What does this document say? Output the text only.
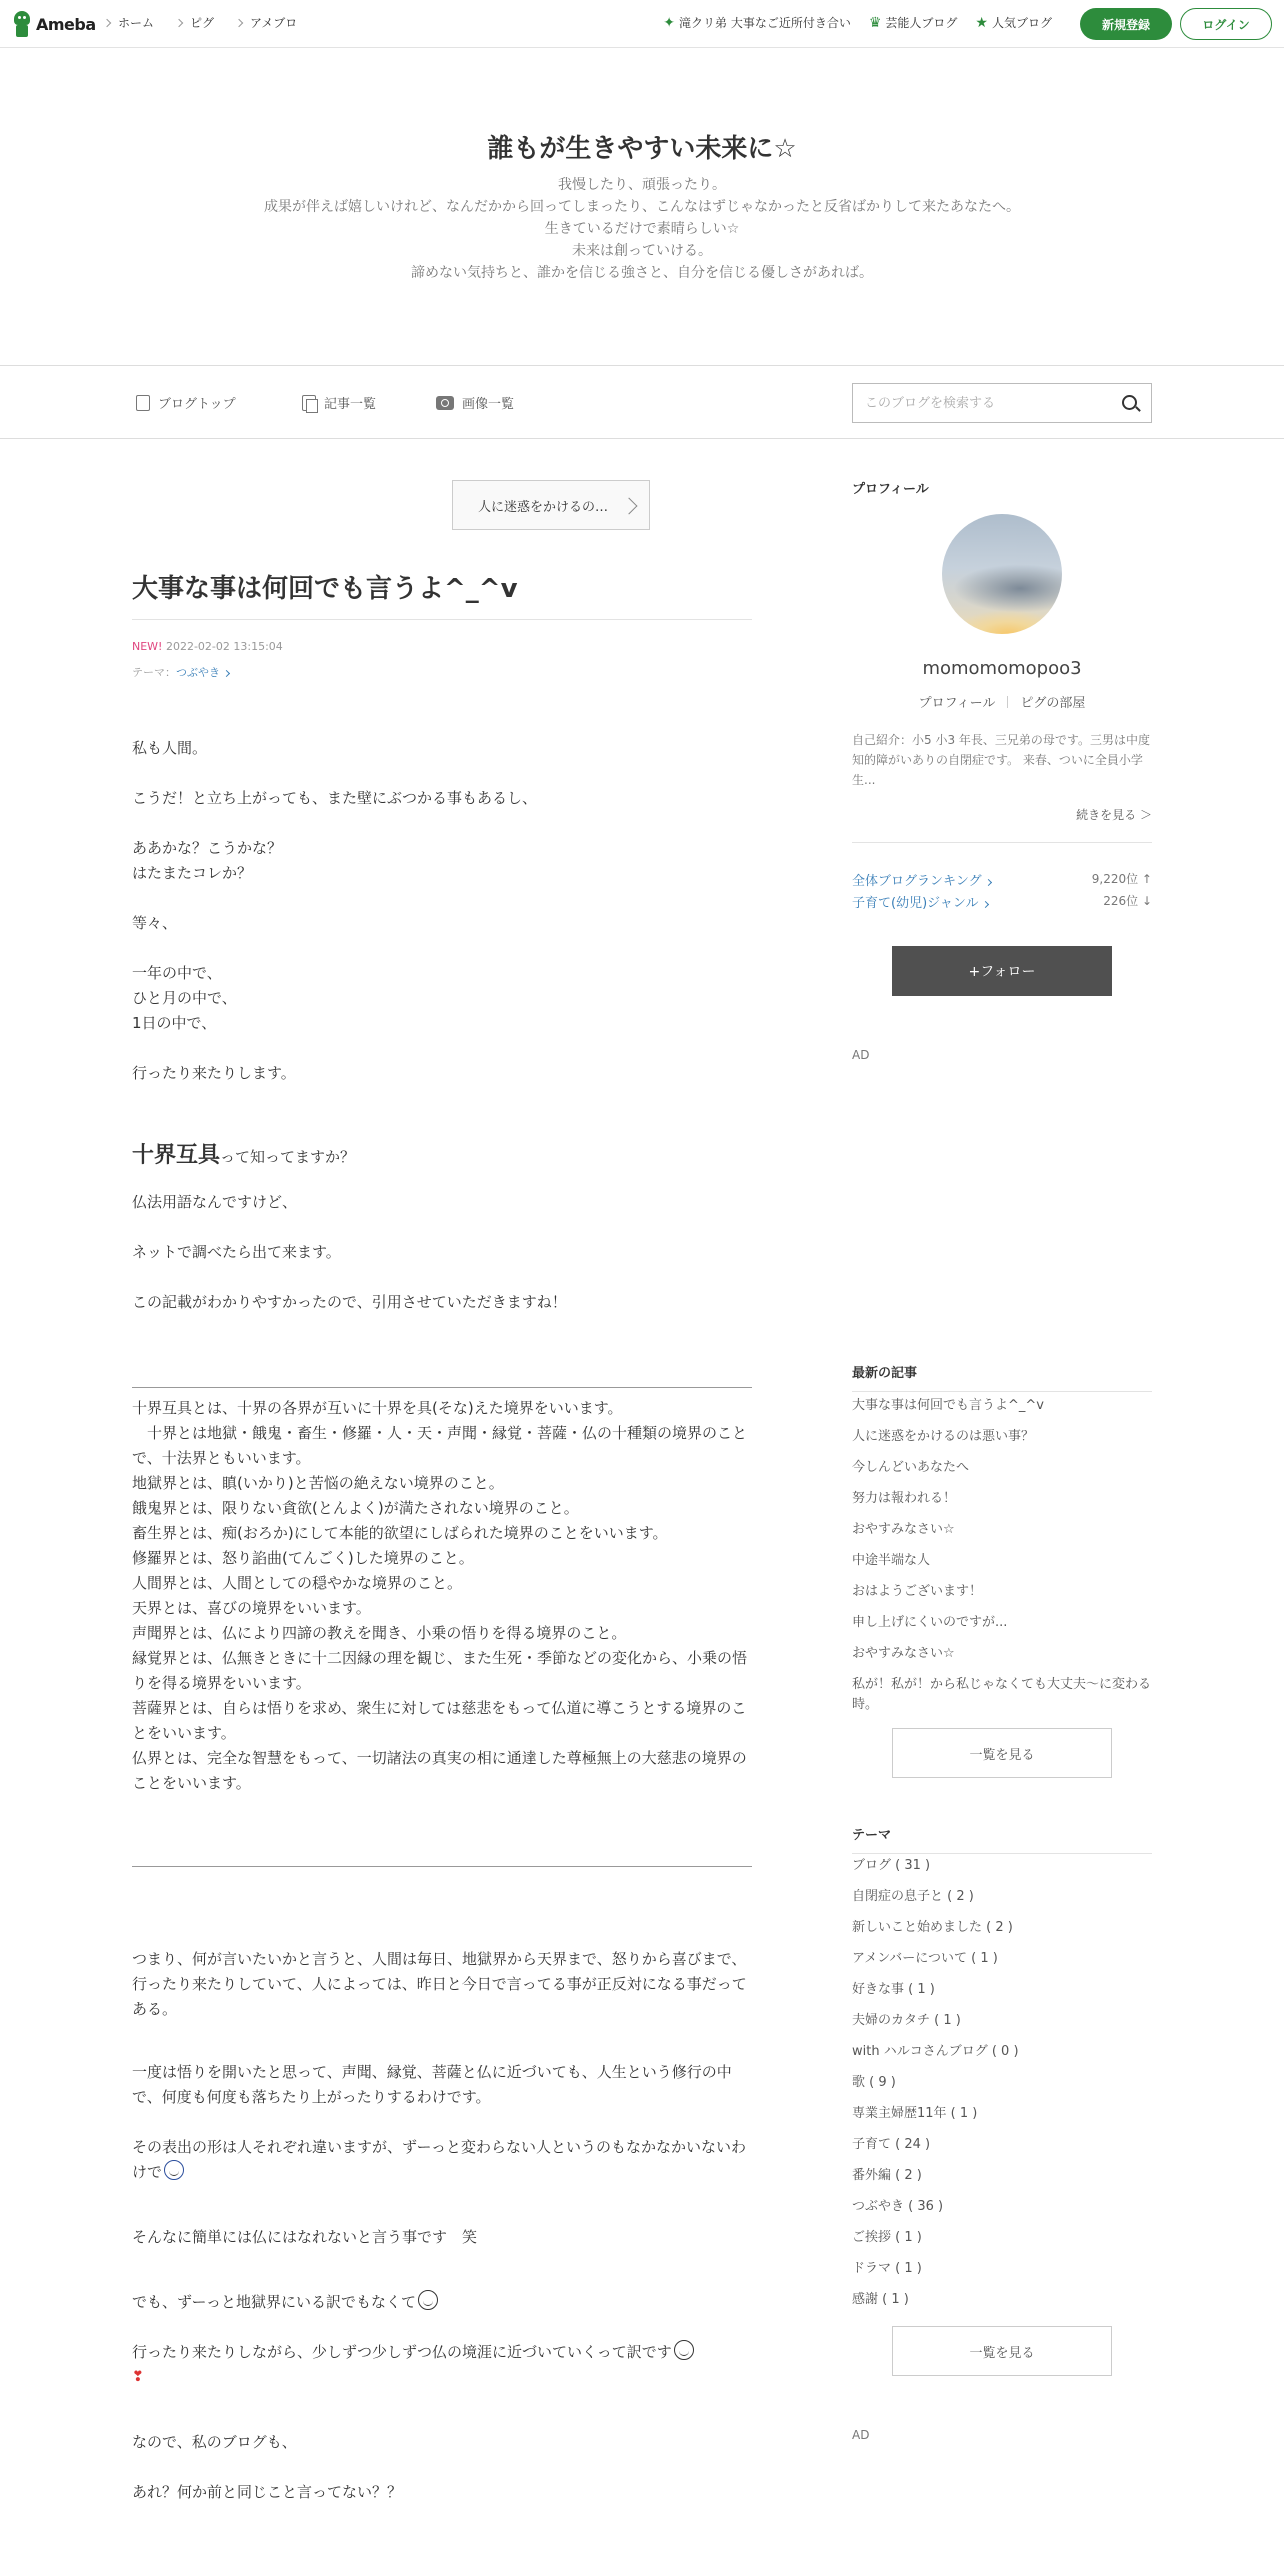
Ameba ホーム	ピグ	アメブロ	✦ 滝クリ弟 大事なご近所付き合い ♛ 芸能人ブログ ★ 人気ブログ	新規登録	ログイン
誰もが生きやすい未来に☆
我慢したり、頑張ったり。
成果が伴えば嬉しいけれど、なんだかから回ってしまったり、こんなはずじゃなかったと反省ばかりして来たあなたへ。
生きているだけで素晴らしい☆
未来は創っていける。
諦めない気持ちと、誰かを信じる強さと、自分を信じる優しさがあれば。
ブログトップ	記事一覧	画像一覧
このブログを検索する
人に迷惑をかけるの…
大事な事は何回でも言うよ^_^v
NEW! 2022-02-02 13:15:04
テーマ：つぶやき

私も人間。

こうだ！と立ち上がっても、また壁にぶつかる事もあるし、

ああかな？こうかな？

はたまたコレか？

等々、

一年の中で、

ひと月の中で、

1日の中で、

行ったり来たりします。

十界互具って知ってますか？

仏法用語なんですけど、

ネットで調べたら出て来ます。

この記載がわかりやすかったので、引用させていただきますね！

十界互具とは、十界の各界が互いに十界を具(そな)えた境界をいいます。

　十界とは地獄・餓鬼・畜生・修羅・人・天・声聞・縁覚・菩薩・仏の十種類の境界のことで、十法界ともいいます。

地獄界とは、瞋(いかり)と苦悩の絶えない境界のこと。

餓鬼界とは、限りない貪欲(とんよく)が満たされない境界のこと。

畜生界とは、痴(おろか)にして本能的欲望にしばられた境界のことをいいます。

修羅界とは、怒り諂曲(てんごく)した境界のこと。

人間界とは、人間としての穏やかな境界のこと。

天界とは、喜びの境界をいいます。

声聞界とは、仏により四諦の教えを聞き、小乗の悟りを得る境界のこと。

縁覚界とは、仏無きときに十二因縁の理を観じ、また生死・季節などの変化から、小乗の悟りを得る境界をいいます。

菩薩界とは、自らは悟りを求め、衆生に対しては慈悲をもって仏道に導こうとする境界のことをいいます。

仏界とは、完全な智慧をもって、一切諸法の真実の相に通達した尊極無上の大慈悲の境界のことをいいます。

つまり、何が言いたいかと言うと、人間は毎日、地獄界から天界まで、怒りから喜びまで、行ったり来たりしていて、人によっては、昨日と今日で言ってる事が正反対になる事だってある。

一度は悟りを開いたと思って、声聞、縁覚、菩薩と仏に近づいても、人生という修行の中で、何度も何度も落ちたり上がったりするわけです。

その表出の形は人それぞれ違いますが、ずーっと変わらない人というのもなかなかいないわけで

そんなに簡単には仏にはなれないと言う事です　笑

でも、ずーっと地獄界にいる訳でもなくて

行ったり来たりしながら、少しずつ少しずつ仏の境涯に近づいていくって訳です

❣

なので、私のブログも、

あれ？何か前と同じこと言ってない？？

プロフィール
momomomopoo3
プロフィール ピグの部屋
自己紹介：小5 小3 年長、三兄弟の母です。三男は中度知的障がいありの自閉症です。 来春、ついに全員小学生...
続きを見る ＞
全体ブログランキング	9,220位 ↑
子育て(幼児)ジャンル	226位 ↓
+フォロー
AD
最新の記事
大事な事は何回でも言うよ^_^v
人に迷惑をかけるのは悪い事？
今しんどいあなたへ
努力は報われる！
おやすみなさい☆
中途半端な人
おはようございます！
申し上げにくいのですが...
おやすみなさい☆
私が！私が！から私じゃなくても大丈夫〜に変わる時。
一覧を見る
テーマ
ブログ ( 31 )
自閉症の息子と ( 2 )
新しいこと始めました ( 2 )
アメンバーについて ( 1 )
好きな事 ( 1 )
夫婦のカタチ ( 1 )
with ハルコさんブログ ( 0 )
歌 ( 9 )
専業主婦歴11年 ( 1 )
子育て ( 24 )
番外編 ( 2 )
つぶやき ( 36 )
ご挨拶 ( 1 )
ドラマ ( 1 )
感謝 ( 1 )
一覧を見る
AD
